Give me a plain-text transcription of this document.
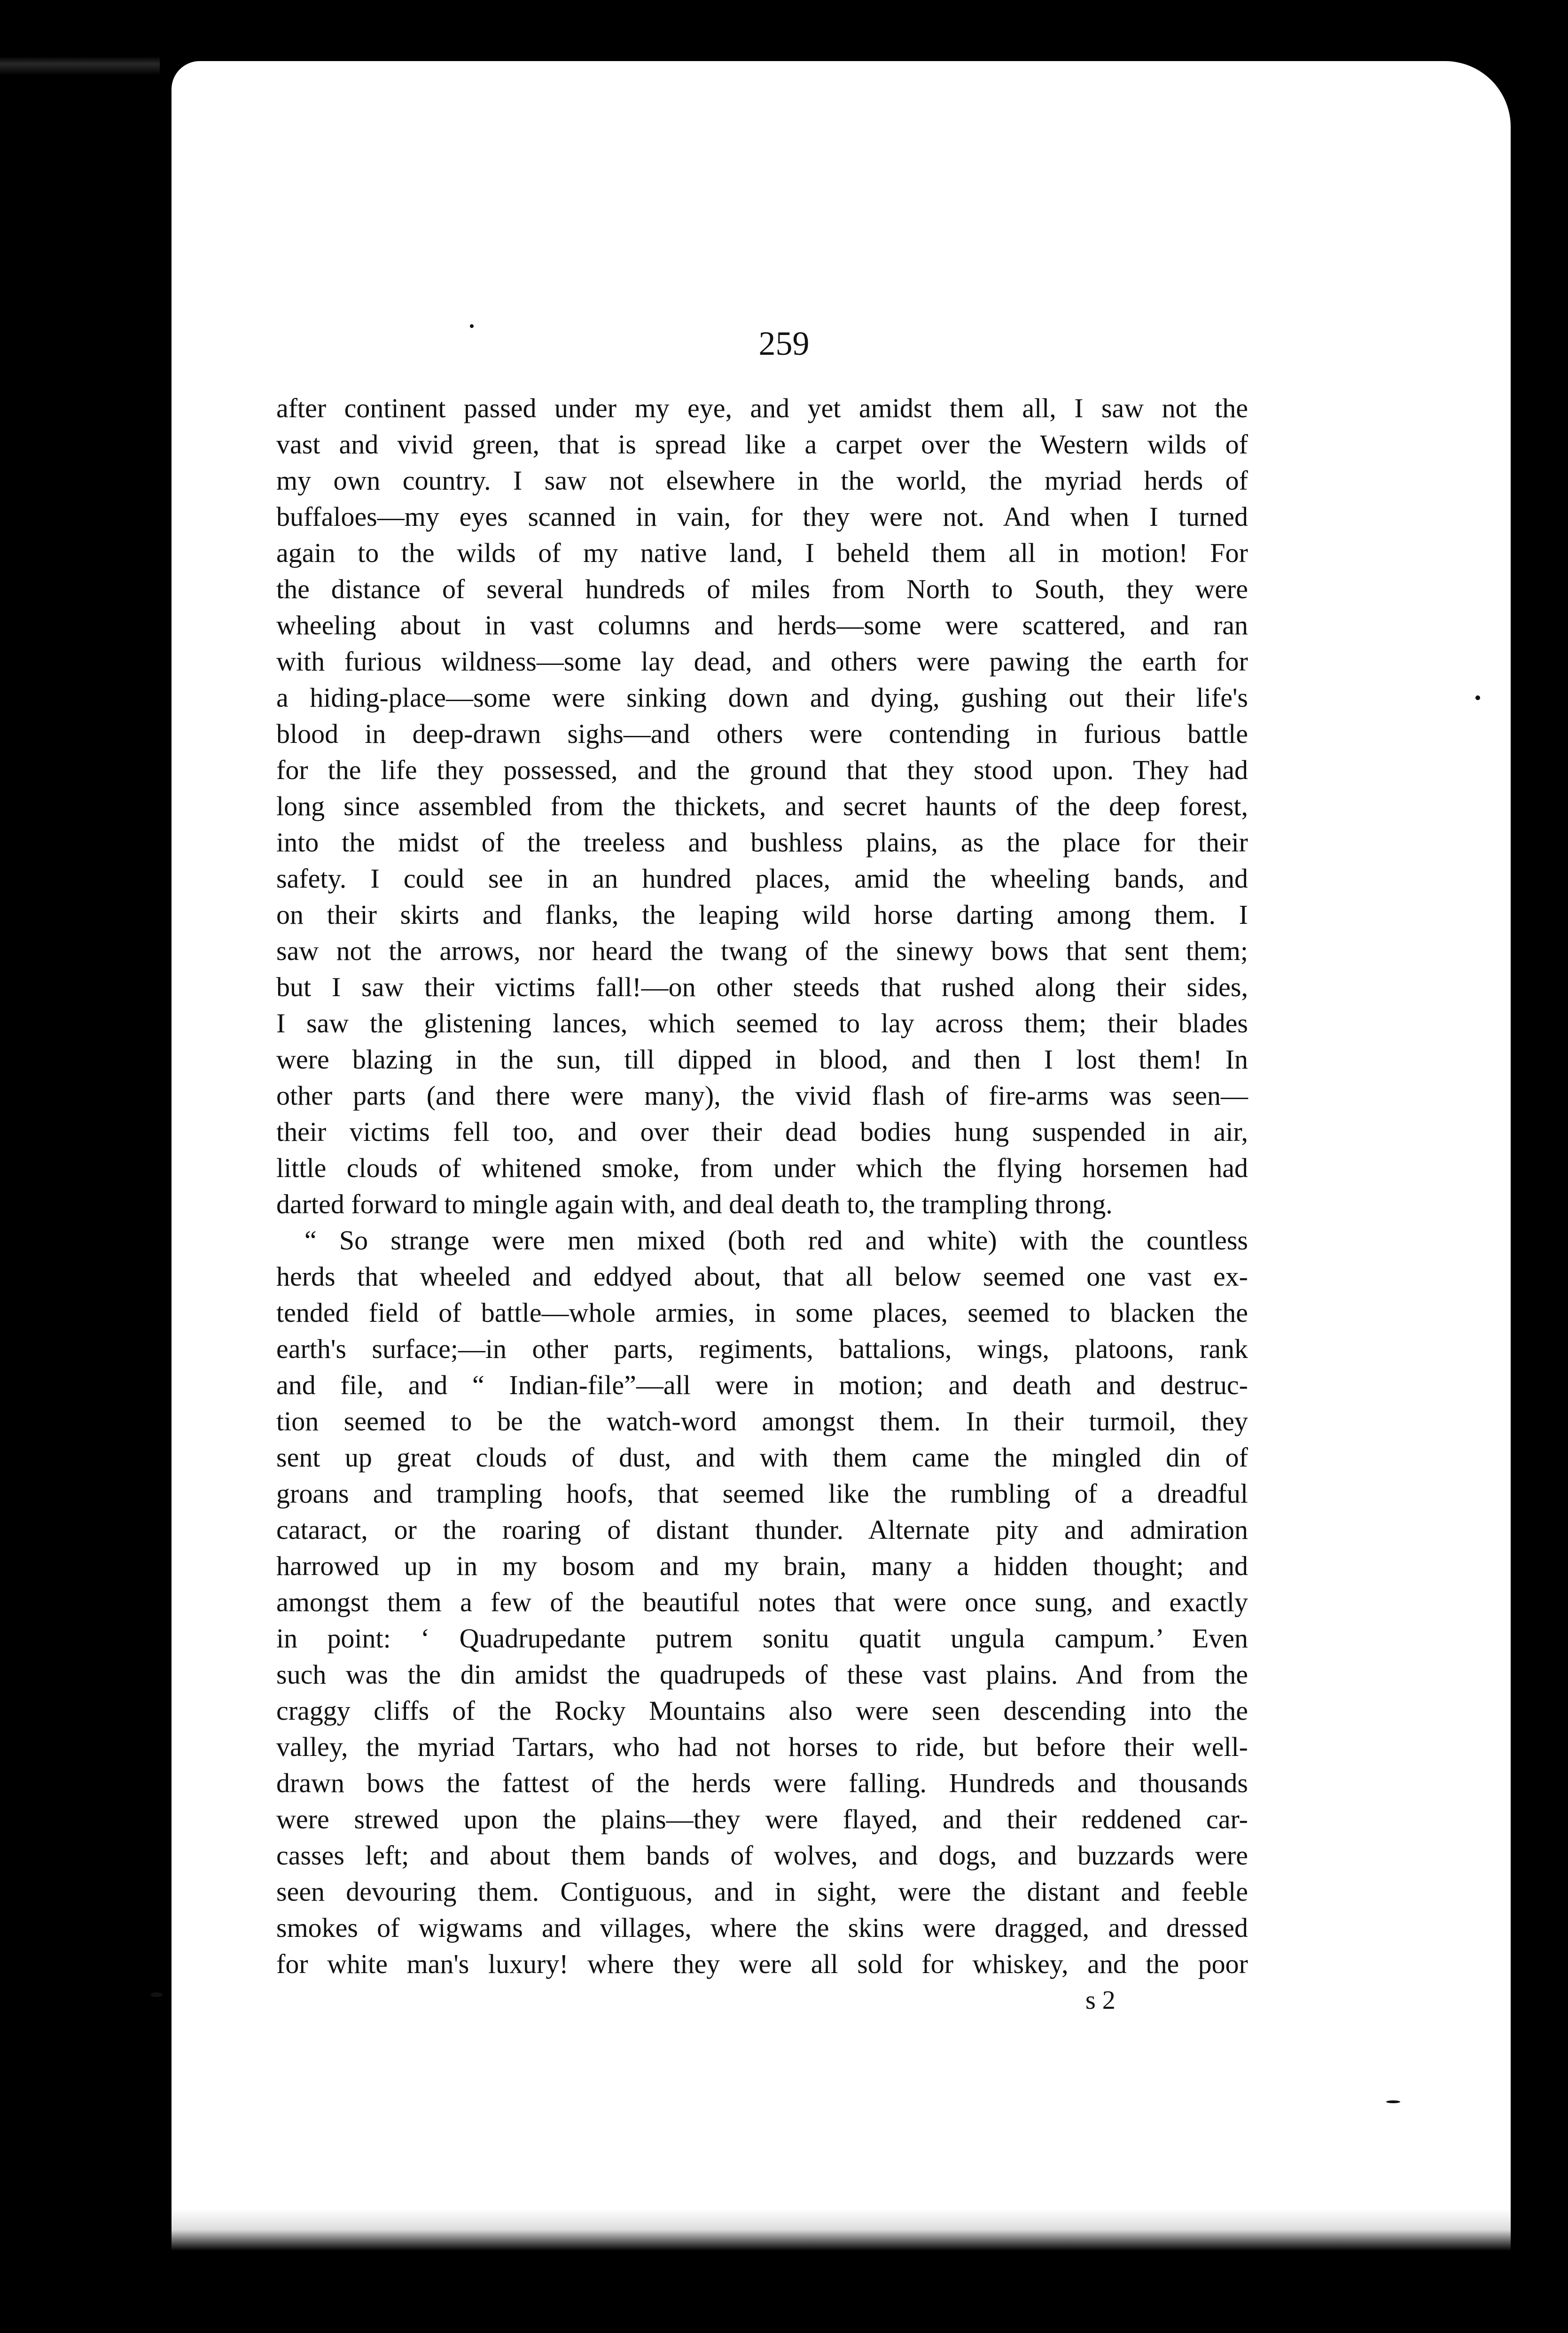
259
after continent passed under my eye, and yet amidst them all, I saw not the
vast and vivid green, that is spread like a carpet over the Western wilds of
my own country. I saw not elsewhere in the world, the myriad herds of
buffaloes—my eyes scanned in vain, for they were not. And when I turned
again to the wilds of my native land, I beheld them all in motion! For
the distance of several hundreds of miles from North to South, they were
wheeling about in vast columns and herds—some were scattered, and ran
with furious wildness—some lay dead, and others were pawing the earth for
a hiding-place—some were sinking down and dying, gushing out their life's
blood in deep-drawn sighs—and others were contending in furious battle
for the life they possessed, and the ground that they stood upon. They had
long since assembled from the thickets, and secret haunts of the deep forest,
into the midst of the treeless and bushless plains, as the place for their
safety. I could see in an hundred places, amid the wheeling bands, and
on their skirts and flanks, the leaping wild horse darting among them. I
saw not the arrows, nor heard the twang of the sinewy bows that sent them;
but I saw their victims fall!—on other steeds that rushed along their sides,
I saw the glistening lances, which seemed to lay across them; their blades
were blazing in the sun, till dipped in blood, and then I lost them! In
other parts (and there were many), the vivid flash of fire-arms was seen—
their victims fell too, and over their dead bodies hung suspended in air,
little clouds of whitened smoke, from under which the flying horsemen had
darted forward to mingle again with, and deal death to, the trampling throng.
“ So strange were men mixed (both red and white) with the countless
herds that wheeled and eddyed about, that all below seemed one vast ex-
tended field of battle—whole armies, in some places, seemed to blacken the
earth's surface;—in other parts, regiments, battalions, wings, platoons, rank
and file, and “ Indian-file”—all were in motion; and death and destruc-
tion seemed to be the watch-word amongst them. In their turmoil, they
sent up great clouds of dust, and with them came the mingled din of
groans and trampling hoofs, that seemed like the rumbling of a dreadful
cataract, or the roaring of distant thunder. Alternate pity and admiration
harrowed up in my bosom and my brain, many a hidden thought; and
amongst them a few of the beautiful notes that were once sung, and exactly
in point: ‘ Quadrupedante putrem sonitu quatit ungula campum.’ Even
such was the din amidst the quadrupeds of these vast plains. And from the
craggy cliffs of the Rocky Mountains also were seen descending into the
valley, the myriad Tartars, who had not horses to ride, but before their well-
drawn bows the fattest of the herds were falling. Hundreds and thousands
were strewed upon the plains—they were flayed, and their reddened car-
casses left; and about them bands of wolves, and dogs, and buzzards were
seen devouring them. Contiguous, and in sight, were the distant and feeble
smokes of wigwams and villages, where the skins were dragged, and dressed
for white man's luxury! where they were all sold for whiskey, and the poor
s 2
